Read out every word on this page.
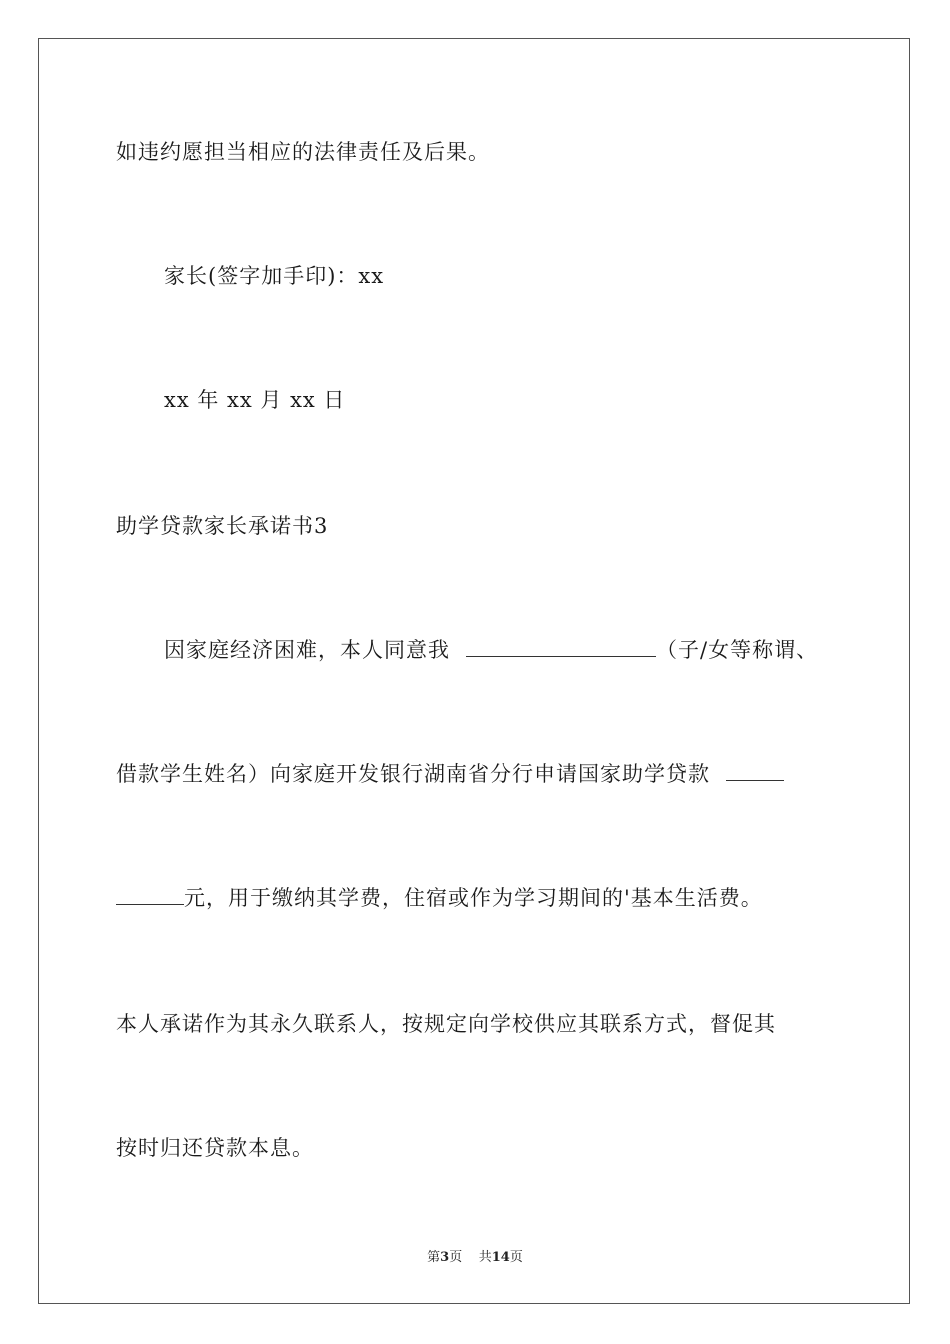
如违约愿担当相应的法律责任及后果。
家长(签字加手印)：xx
xx 年 xx 月 xx 日
助学贷款家长承诺书3
因家庭经济困难，本人同意我	（子/女等称谓、
借款学生姓名）向家庭开发银行湖南省分行申请国家助学贷款
元，用于缴纳其学费，住宿或作为学习期间的'基本生活费。
本人承诺作为其永久联系人，按规定向学校供应其联系方式，督促其
按时归还贷款本息。
第3页 共14页
